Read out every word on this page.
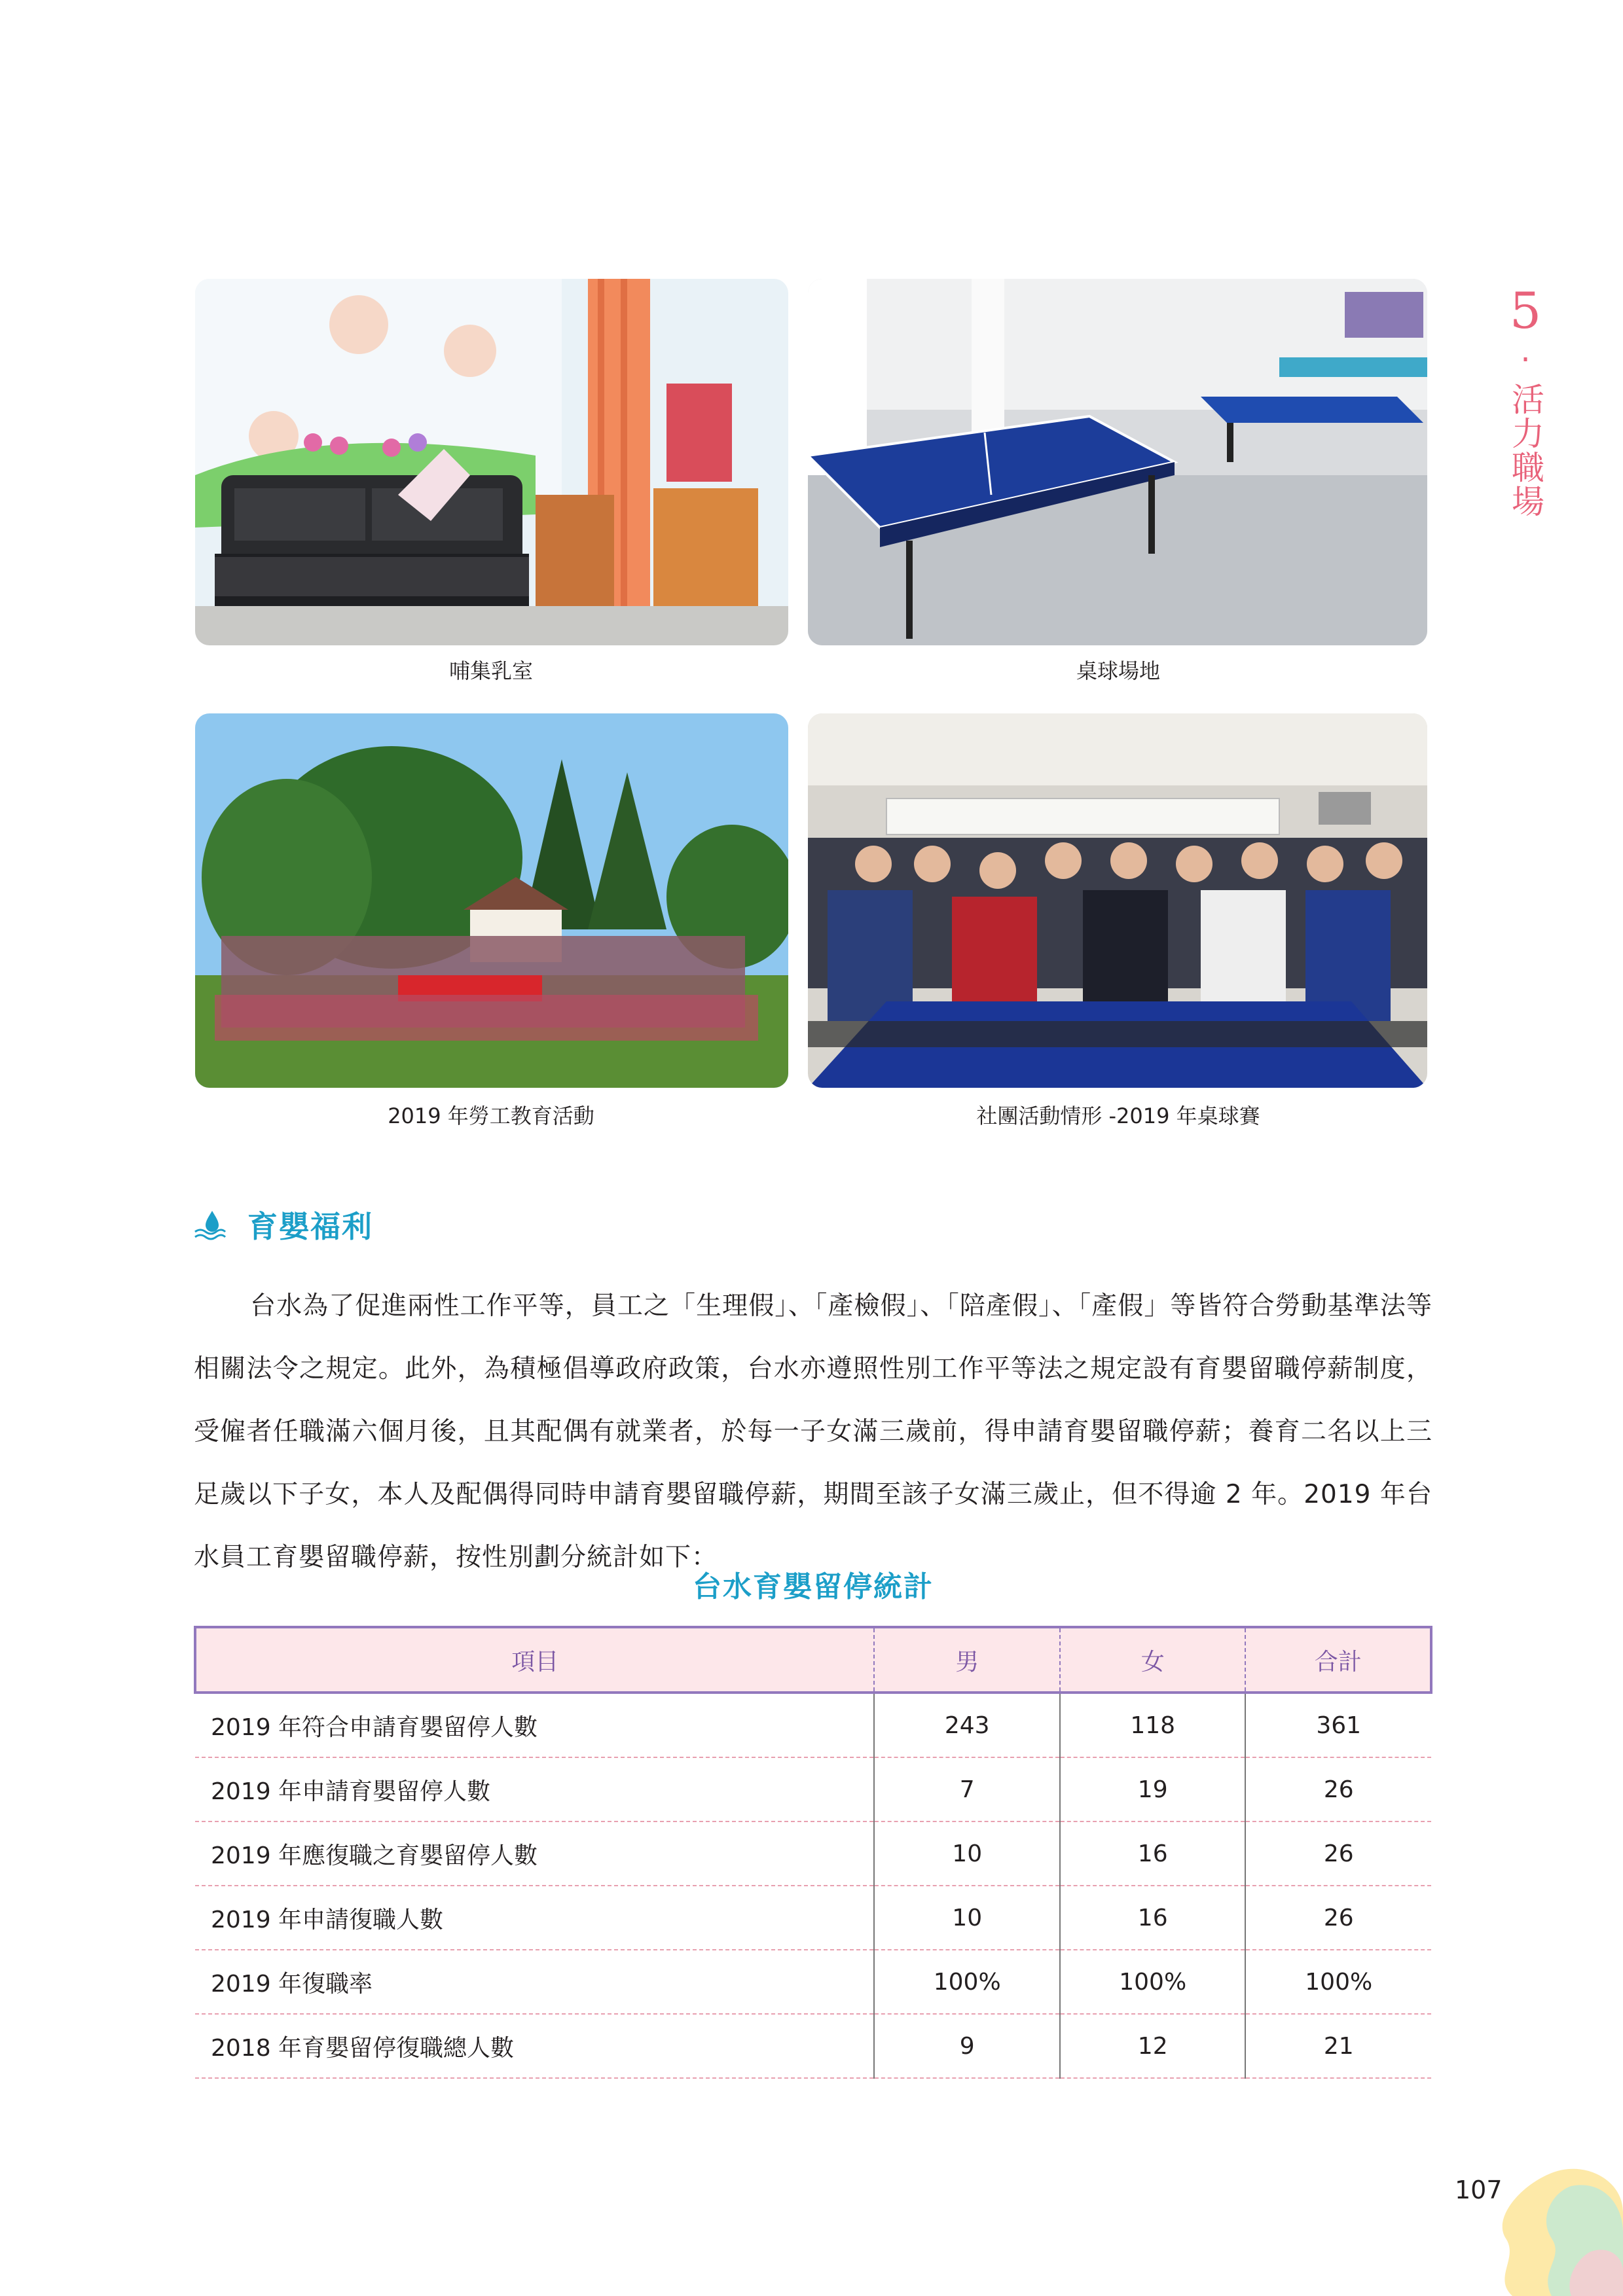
5
·
活力職場
哺集乳室	桌球場地
2019 年勞工教育活動	社團活動情形 -2019 年桌球賽
育嬰福利
台水為了促進兩性工作平等，員工之「生理假」、「產檢假」、「陪產假」、「產假」等皆符合勞動基準法等相關法令之規定。此外，為積極倡導政府政策，台水亦遵照性別工作平等法之規定設有育嬰留職停薪制度，受僱者任職滿六個月後，且其配偶有就業者，於每一子女滿三歲前，得申請育嬰留職停薪；養育二名以上三足歲以下子女，本人及配偶得同時申請育嬰留職停薪，期間至該子女滿三歲止，但不得逾 2 年。2019 年台水員工育嬰留職停薪，按性別劃分統計如下：
台水育嬰留停統計
項目	男	女	合計
2019 年符合申請育嬰留停人數	243	118	361
2019 年申請育嬰留停人數	7	19	26
2019 年應復職之育嬰留停人數	10	16	26
2019 年申請復職人數	10	16	26
2019 年復職率	100%	100%	100%
2018 年育嬰留停復職總人數	9	12	21
107
